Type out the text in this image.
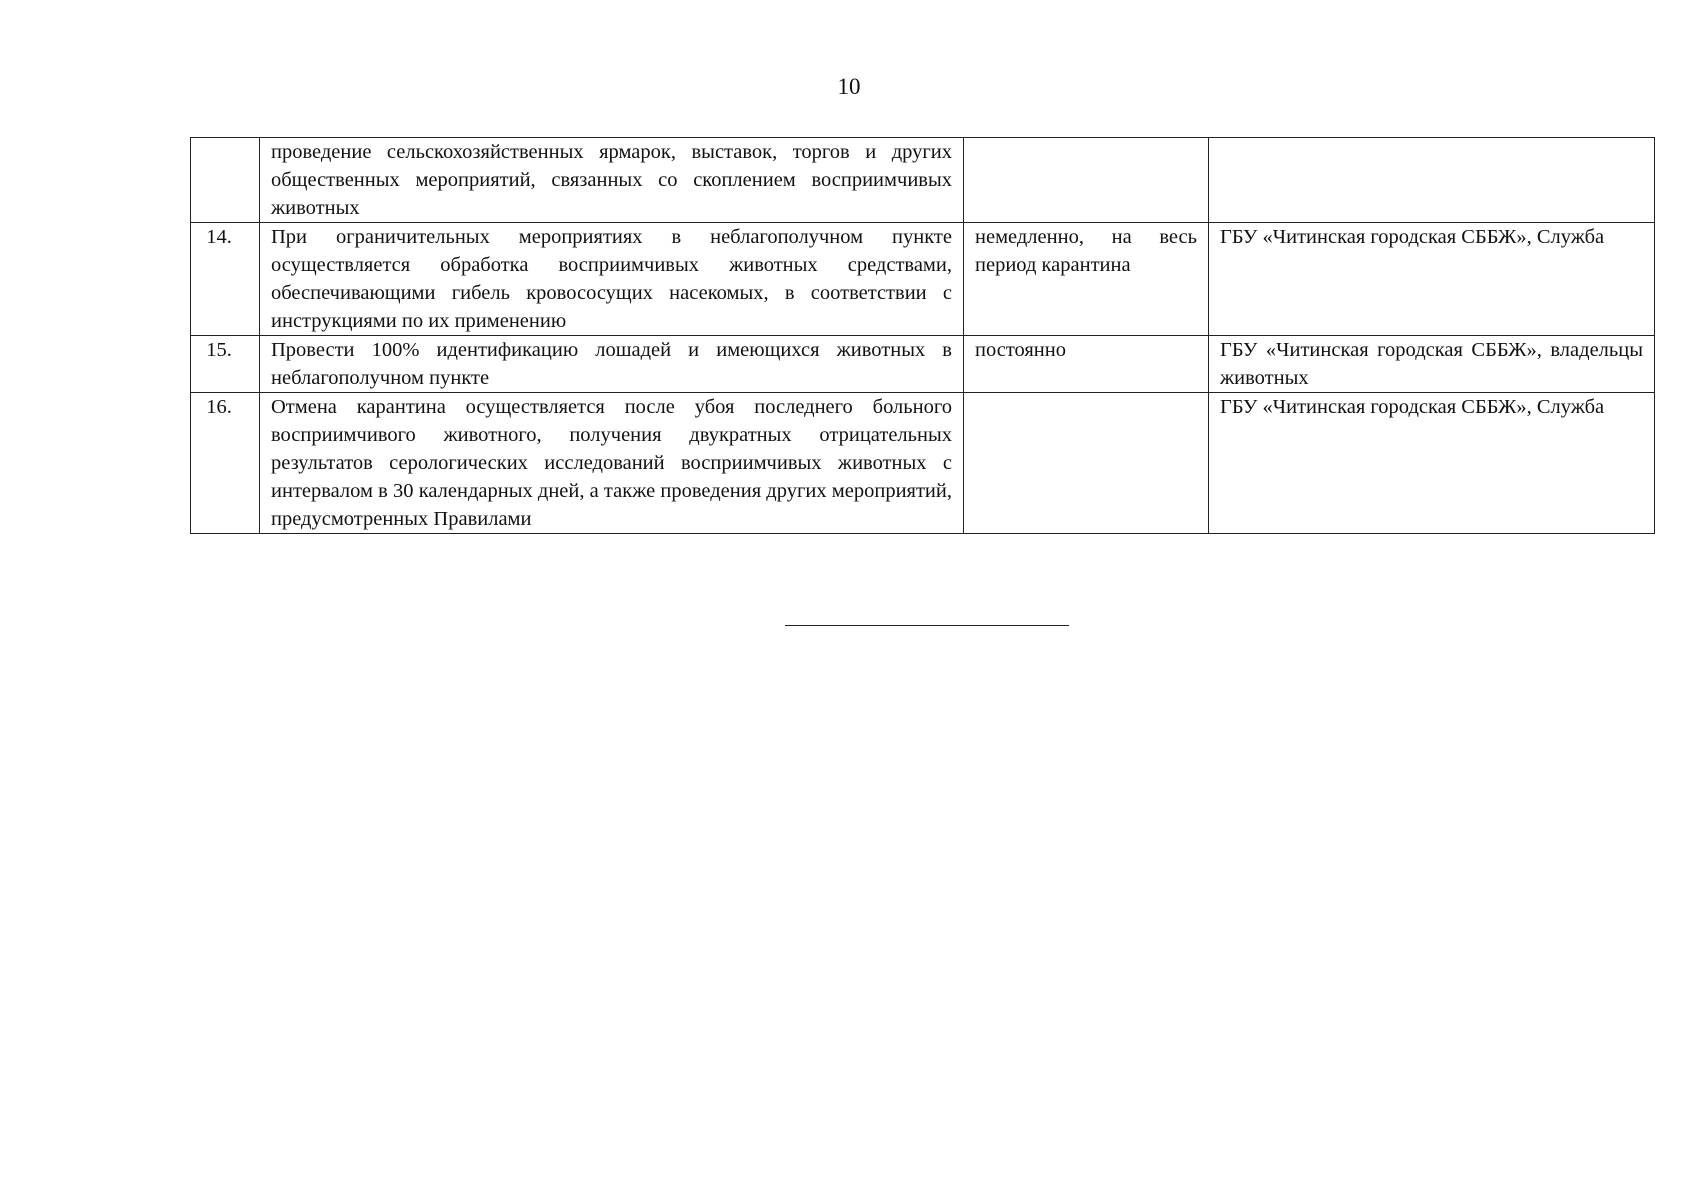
10
	проведение сельскохозяйственных ярмарок, выставок, торгов и других общественных мероприятий, связанных со скоплением восприимчивых животных		
14.	При ограничительных мероприятиях в неблагополучном пункте осуществляется обработка восприимчивых животных средствами, обеспечивающими гибель кровососущих насекомых, в соответствии с инструкциями по их применению	немедленно, на весь период карантина	ГБУ «Читинская городская СББЖ», Служба
15.	Провести 100% идентификацию лошадей и имеющихся животных в неблагополучном пункте	постоянно	ГБУ «Читинская городская СББЖ», владельцы животных
16.	Отмена карантина осуществляется после убоя последнего больного восприимчивого животного, получения двукратных отрицательных результатов серологических исследований восприимчивых животных с интервалом в 30 календарных дней, а также проведения других мероприятий, предусмотренных Правилами		ГБУ «Читинская городская СББЖ», Служба
